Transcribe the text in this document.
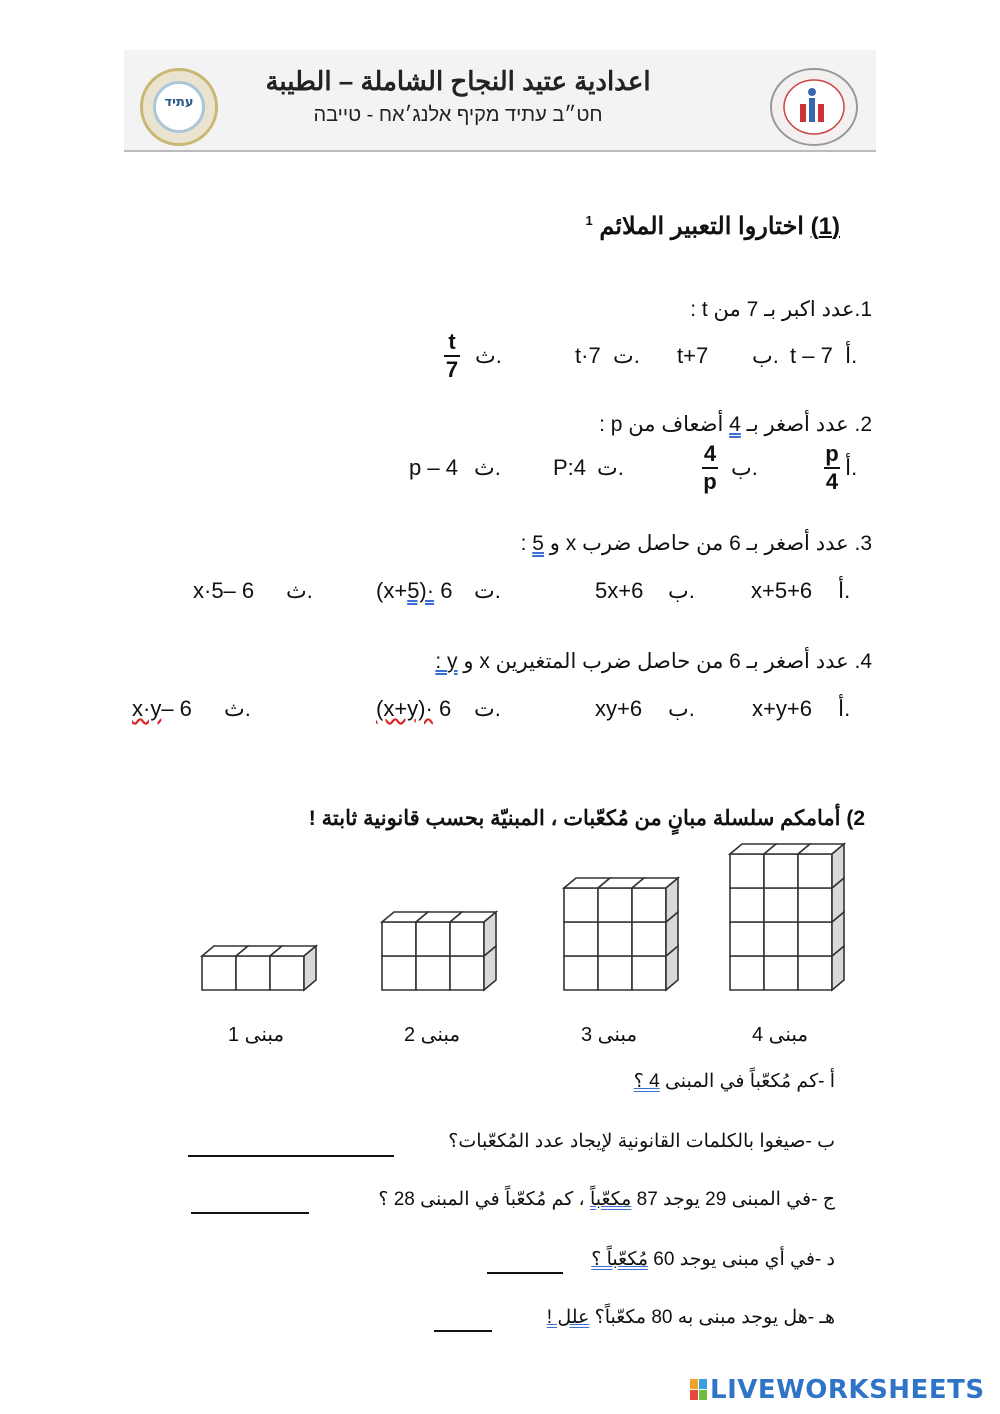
עתיד
اعدادية عتيد النجاح الشاملة – الطيبة
חט״ב עתיד מקיף אלנג׳אח - טייבה
(1) اختاروا التعبير الملائم $^1$
1.عدد اكبر بـ 7 من t :
أ.
t – 7
ب.
t+7
ت.
t·7
ث.
t
7
2. عدد أصغر بـ 4 أضعاف من p :
أ.
p
4
ب.
4
p
ت.
P:4
ث.
p – 4
3. عدد أصغر بـ 6 من حاصل ضرب x و 5 :
أ.
x+5+6
ب.
5x+6
ت.
(x+5)· 6
ث.
x·5– 6
4. عدد أصغر بـ 6 من حاصل ضرب المتغيرين x و y :
أ.
x+y+6
ب.
xy+6
ت.
(x+y)· 6
ث.
x·y– 6
2) أمامكم سلسلة مبانٍ من مُكعّبات ، المبنيّة بحسب قانونية ثابتة !
مبنى 1	مبنى 2	مبنى 3	مبنى 4
أ -كم مُكعّباً في المبنى 4 ؟
ب -صيغوا بالكلمات القانونية لإيجاد عدد المُكعّبات؟
ج -في المبنى 29 يوجد 87 مكعّباً ، كم مُكعّباً في المبنى 28 ؟
د -في أي مبنى يوجد 60 مُكعّباً ؟
هـ -هل يوجد مبنى به 80 مكعّباً؟ علل !
LIVEWORKSHEETS
